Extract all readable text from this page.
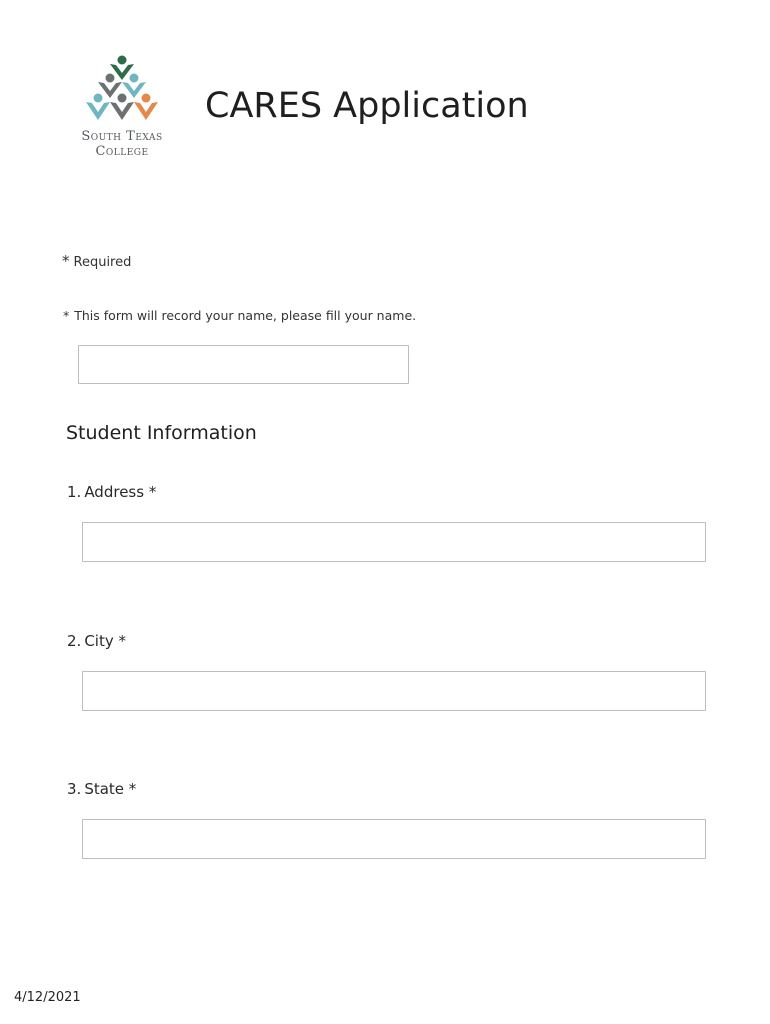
South Texas
College
CARES Application
* Required
* This form will record your name, please fill your name.
Student Information
1. Address *
2. City *
3. State *
4/12/2021
